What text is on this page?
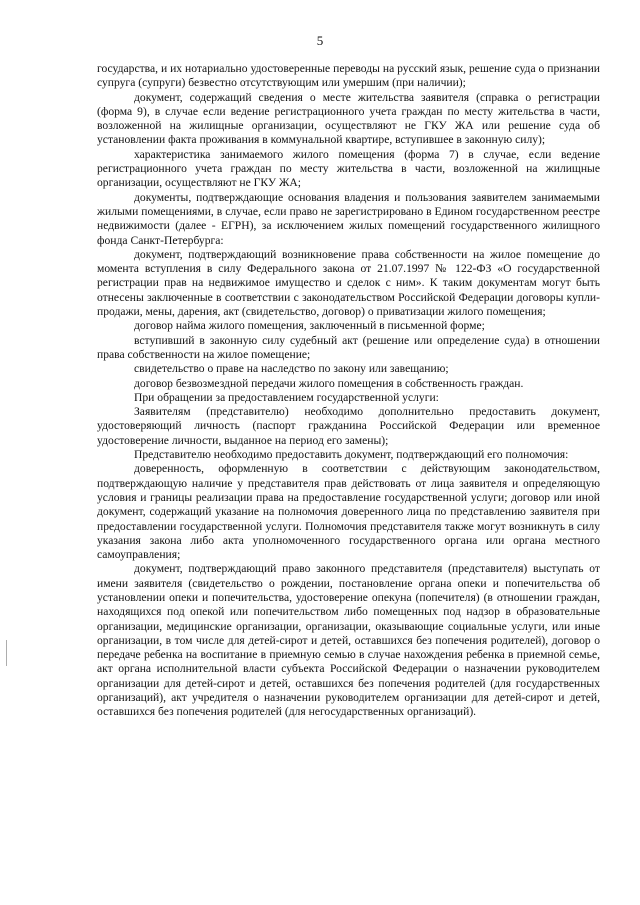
5

государства, и их нотариально удостоверенные переводы на русский язык, решение суда о признании супруга (супруги) безвестно отсутствующим или умершим (при наличии);

документ, содержащий сведения о месте жительства заявителя (справка о регистрации (форма 9), в случае если ведение регистрационного учета граждан по месту жительства в части, возложенной на жилищные организации, осуществляют не ГКУ ЖА или решение суда об установлении факта проживания в коммунальной квартире, вступившее в законную силу);

характеристика занимаемого жилого помещения (форма 7) в случае, если ведение регистрационного учета граждан по месту жительства в части, возложенной на жилищные организации, осуществляют не ГКУ ЖА;

документы, подтверждающие основания владения и пользования заявителем занимаемыми жилыми помещениями, в случае, если право не зарегистрировано в Едином государственном реестре недвижимости (далее - ЕГРН), за исключением жилых помещений государственного жилищного фонда Санкт-Петербурга:

документ, подтверждающий возникновение права собственности на жилое помещение до момента вступления в силу Федерального закона от 21.07.1997 № 122-ФЗ «О государственной регистрации прав на недвижимое имущество и сделок с ним». К таким документам могут быть отнесены заключенные в соответствии с законодательством Российской Федерации договоры купли-продажи, мены, дарения, акт (свидетельство, договор) о приватизации жилого помещения;

договор найма жилого помещения, заключенный в письменной форме;

вступивший в законную силу судебный акт (решение или определение суда) в отношении права собственности на жилое помещение;

свидетельство о праве на наследство по закону или завещанию;

договор безвозмездной передачи жилого помещения в собственность граждан.

При обращении за предоставлением государственной услуги:

Заявителям (представителю) необходимо дополнительно предоставить документ, удостоверяющий личность (паспорт гражданина Российской Федерации или временное удостоверение личности, выданное на период его замены);

Представителю необходимо предоставить документ, подтверждающий его полномочия:

доверенность, оформленную в соответствии с действующим законодательством, подтверждающую наличие у представителя прав действовать от лица заявителя и определяющую условия и границы реализации права на предоставление государственной услуги; договор или иной документ, содержащий указание на полномочия доверенного лица по представлению заявителя при предоставлении государственной услуги. Полномочия представителя также могут возникнуть в силу указания закона либо акта уполномоченного государственного органа или органа местного самоуправления;

документ, подтверждающий право законного представителя (представителя) выступать от имени заявителя (свидетельство о рождении, постановление органа опеки и попечительства об установлении опеки и попечительства, удостоверение опекуна (попечителя) (в отношении граждан, находящихся под опекой или попечительством либо помещенных под надзор в образовательные организации, медицинские организации, организации, оказывающие социальные услуги, или иные организации, в том числе для детей-сирот и детей, оставшихся без попечения родителей), договор о передаче ребенка на воспитание в приемную семью в случае нахождения ребенка в приемной семье, акт органа исполнительной власти субъекта Российской Федерации о назначении руководителем организации для детей-сирот и детей, оставшихся без попечения родителей (для государственных организаций), акт учредителя о назначении руководителем организации для детей-сирот и детей, оставшихся без попечения родителей (для негосударственных организаций).
